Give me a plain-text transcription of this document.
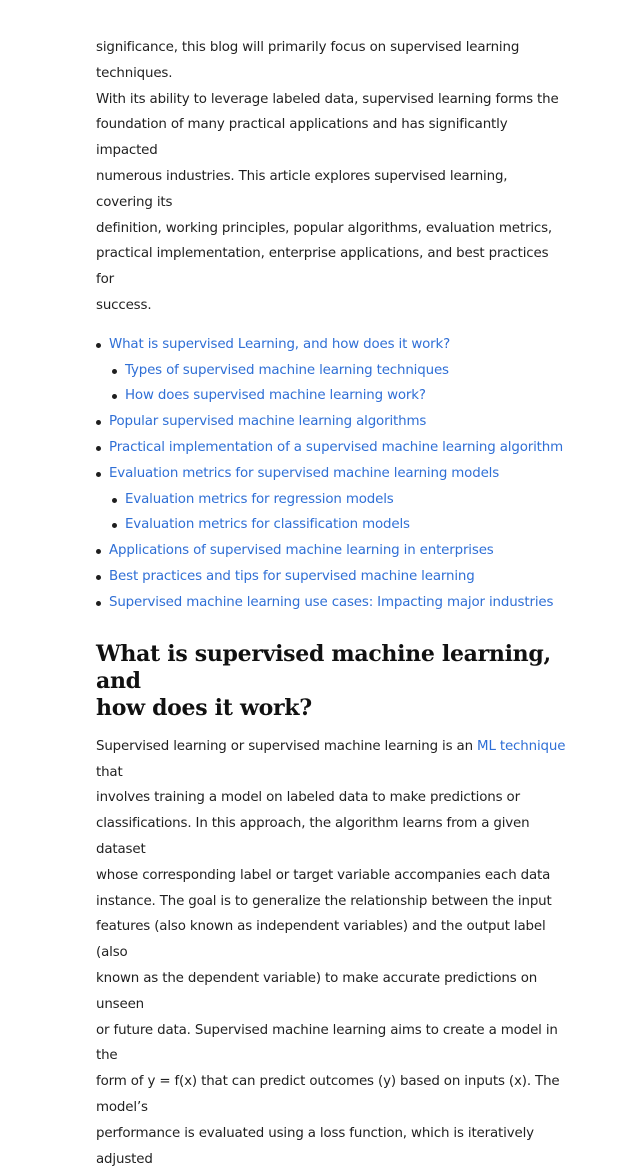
significance, this blog will primarily focus on supervised learning techniques.
With its ability to leverage labeled data, supervised learning forms the
foundation of many practical applications and has significantly impacted
numerous industries. This article explores supervised learning, covering its
definition, working principles, popular algorithms, evaluation metrics,
practical implementation, enterprise applications, and best practices for
success.

What is supervised Learning, and how does it work?
Types of supervised machine learning techniques
How does supervised machine learning work?
Popular supervised machine learning algorithms
Practical implementation of a supervised machine learning algorithm
Evaluation metrics for supervised machine learning models
Evaluation metrics for regression models
Evaluation metrics for classification models
Applications of supervised machine learning in enterprises
Best practices and tips for supervised machine learning
Supervised machine learning use cases: Impacting major industries
What is supervised machine learning, and
how does it work?

Supervised learning or supervised machine learning is an ML technique that
involves training a model on labeled data to make predictions or
classifications. In this approach, the algorithm learns from a given dataset
whose corresponding label or target variable accompanies each data
instance. The goal is to generalize the relationship between the input
features (also known as independent variables) and the output label (also
known as the dependent variable) to make accurate predictions on unseen
or future data. Supervised machine learning aims to create a model in the
form of y = f(x) that can predict outcomes (y) based on inputs (x). The model’s
performance is evaluated using a loss function, which is iteratively adjusted
